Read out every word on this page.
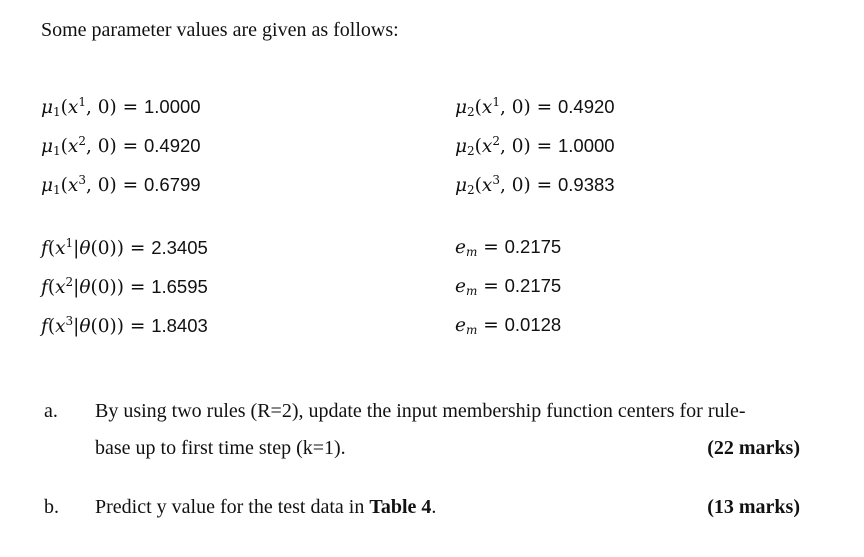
Some parameter values are given as follows:
$\mu_1(x^1$, 0) = 1.0000
$\mu_1(x^2$, 0) = 0.4920
$\mu_1(x^3$, 0) = 0.6799
$\mu_2(x^1$, 0) = 0.4920
$\mu_2(x^2$, 0) = 1.0000
$\mu_2(x^3$, 0) = 0.9383
$f(x^1|\theta(0)) = 2.3405$
$f(x^2|\theta(0)) = 1.6595$
$f(x^3|\theta(0)) = 1.8403$
$e_m = 0.2175$
$e_m = 0.2175$
$e_m = 0.0128$
a. By using two rules (R=2), update the input membership function centers for rule-
base up to first time step (k=1).	(22 marks)
b. Predict y value for the test data in Table 4.	(13 marks)
